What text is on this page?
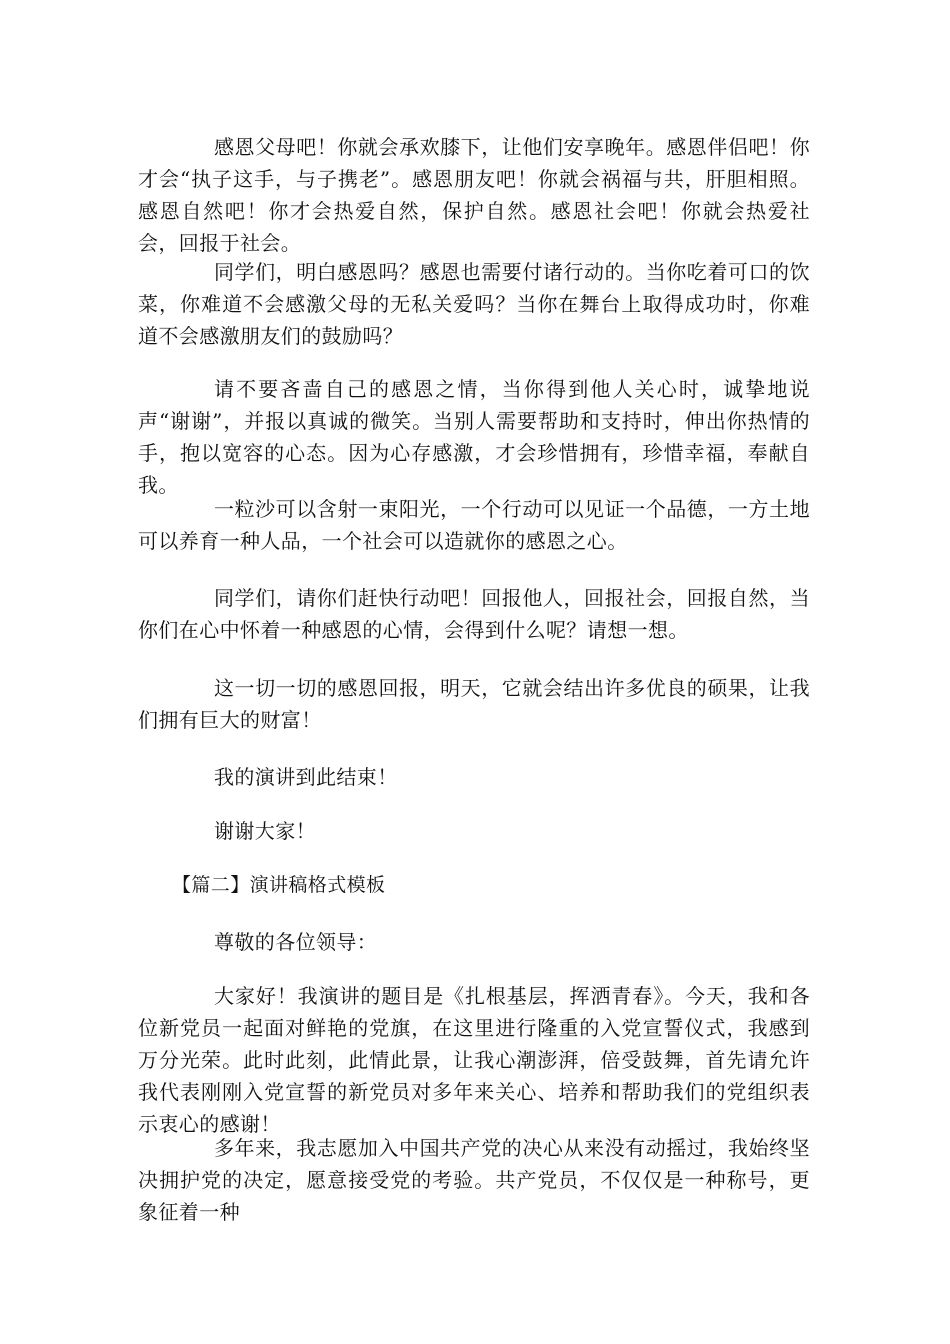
感恩父母吧！你就会承欢膝下，让他们安享晚年。感恩伴侣吧！你才会“执子这手，与子携老”。感恩朋友吧！你就会祸福与共，肝胆相照。感恩自然吧！你才会热爱自然，保护自然。感恩社会吧！你就会热爱社会，回报于社会。

同学们，明白感恩吗？感恩也需要付诸行动的。当你吃着可口的饮菜，你难道不会感激父母的无私关爱吗？当你在舞台上取得成功时，你难道不会感激朋友们的鼓励吗？

请不要吝啬自己的感恩之情，当你得到他人关心时，诚挚地说声“谢谢”，并报以真诚的微笑。当别人需要帮助和支持时，伸出你热情的手，抱以宽容的心态。因为心存感激，才会珍惜拥有，珍惜幸福，奉献自我。

一粒沙可以含射一束阳光，一个行动可以见证一个品德，一方土地可以养育一种人品，一个社会可以造就你的感恩之心。

同学们，请你们赶快行动吧！回报他人，回报社会，回报自然，当你们在心中怀着一种感恩的心情，会得到什么呢？请想一想。

这一切一切的感恩回报，明天，它就会结出许多优良的硕果，让我们拥有巨大的财富！

我的演讲到此结束！

谢谢大家！

【篇二】演讲稿格式模板

尊敬的各位领导：

大家好！我演讲的题目是《扎根基层，挥洒青春》。今天，我和各位新党员一起面对鲜艳的党旗，在这里进行隆重的入党宣誓仪式，我感到万分光荣。此时此刻，此情此景，让我心潮澎湃，倍受鼓舞，首先请允许我代表刚刚入党宣誓的新党员对多年来关心、培养和帮助我们的党组织表示衷心的感谢！

多年来，我志愿加入中国共产党的决心从来没有动摇过，我始终坚决拥护党的决定，愿意接受党的考验。共产党员，不仅仅是一种称号，更象征着一种
